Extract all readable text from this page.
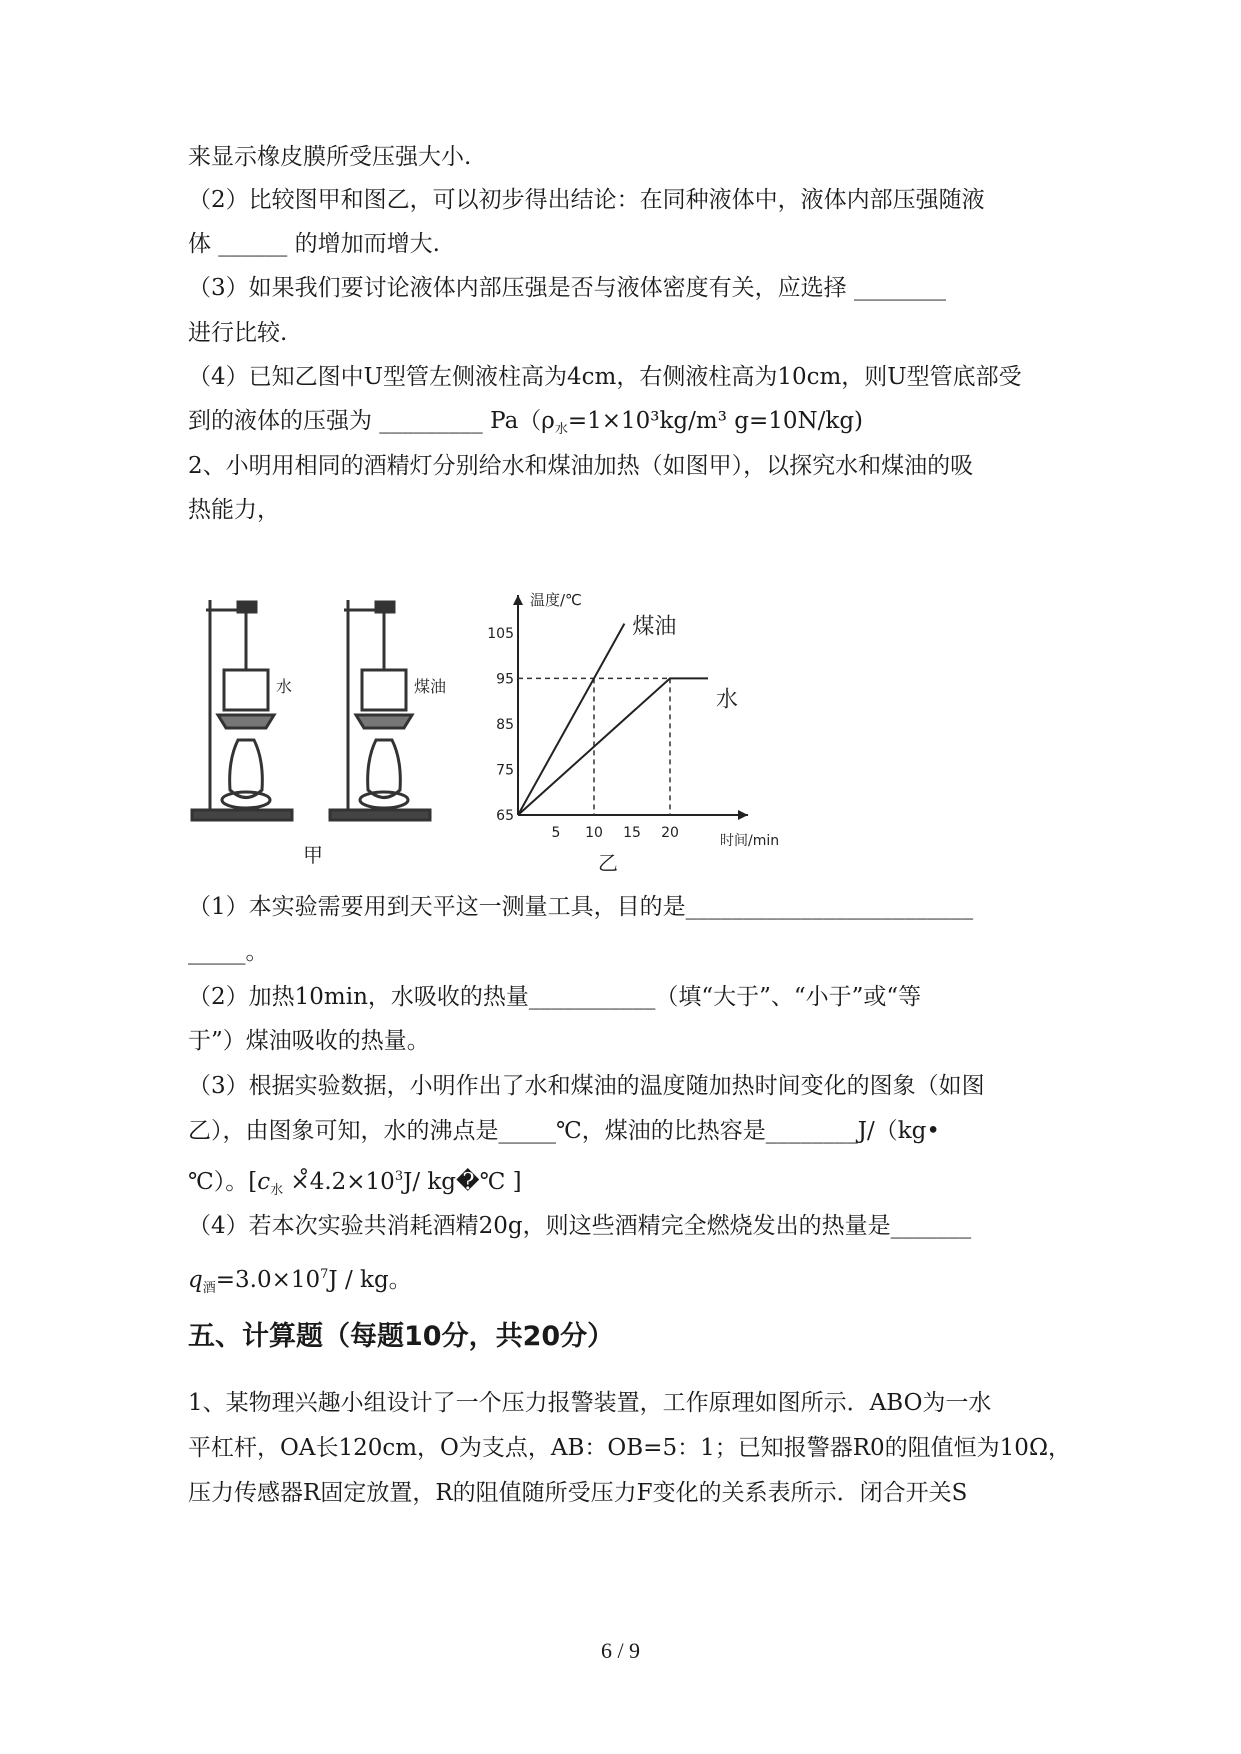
来显示橡皮膜所受压强大小.
（2）比较图甲和图乙，可以初步得出结论：在同种液体中，液体内部压强随液
体 ______ 的增加而增大.
（3）如果我们要讨论液体内部压强是否与液体密度有关，应选择 ________
进行比较.
（4）已知乙图中U型管左侧液柱高为4cm，右侧液柱高为10cm，则U型管底部受
到的液体的压强为 _________ $Pa(\rho_水=1\times 10^3kg/m^3$ g=10N/kg)
2、小明用相同的酒精灯分别给水和煤油加热（如图甲），以探究水和煤油的吸
热能力，
水	煤油
甲
温度/℃
时间/min
5 10 15 20
65
75
85
95
105	煤油
水
乙
（1）本实验需要用到天平这一测量工具，目的是_________________________
_____。
（2）加热10min，水吸收的热量___________（填“大于”、“小于”或“等
于”）煤油吸收的热量。
（3）根据实验数据，小明作出了水和煤油的温度随加热时间变化的图象（如图
乙），由图象可知，水的沸点是_____℃，煤油的比热容是________J/（kg•
℃）。[$c_水$ $\times̊4.2\times 10^3J/$ kg�℃ ]
（4）若本次实验共消耗酒精20g，则这些酒精完全燃烧发出的热量是_______
$q_酒=3.0\times 10^7J$ / kg。
五、计算题（每题10分，共20分）
1、某物理兴趣小组设计了一个压力报警装置，工作原理如图所示．ABO为一水
平杠杆，OA长120cm，O为支点，AB：OB=5：1；已知报警器R0的阻值恒为10Ω，
压力传感器R固定放置，R的阻值随所受压力F变化的关系表所示．闭合开关S
6 / 9
